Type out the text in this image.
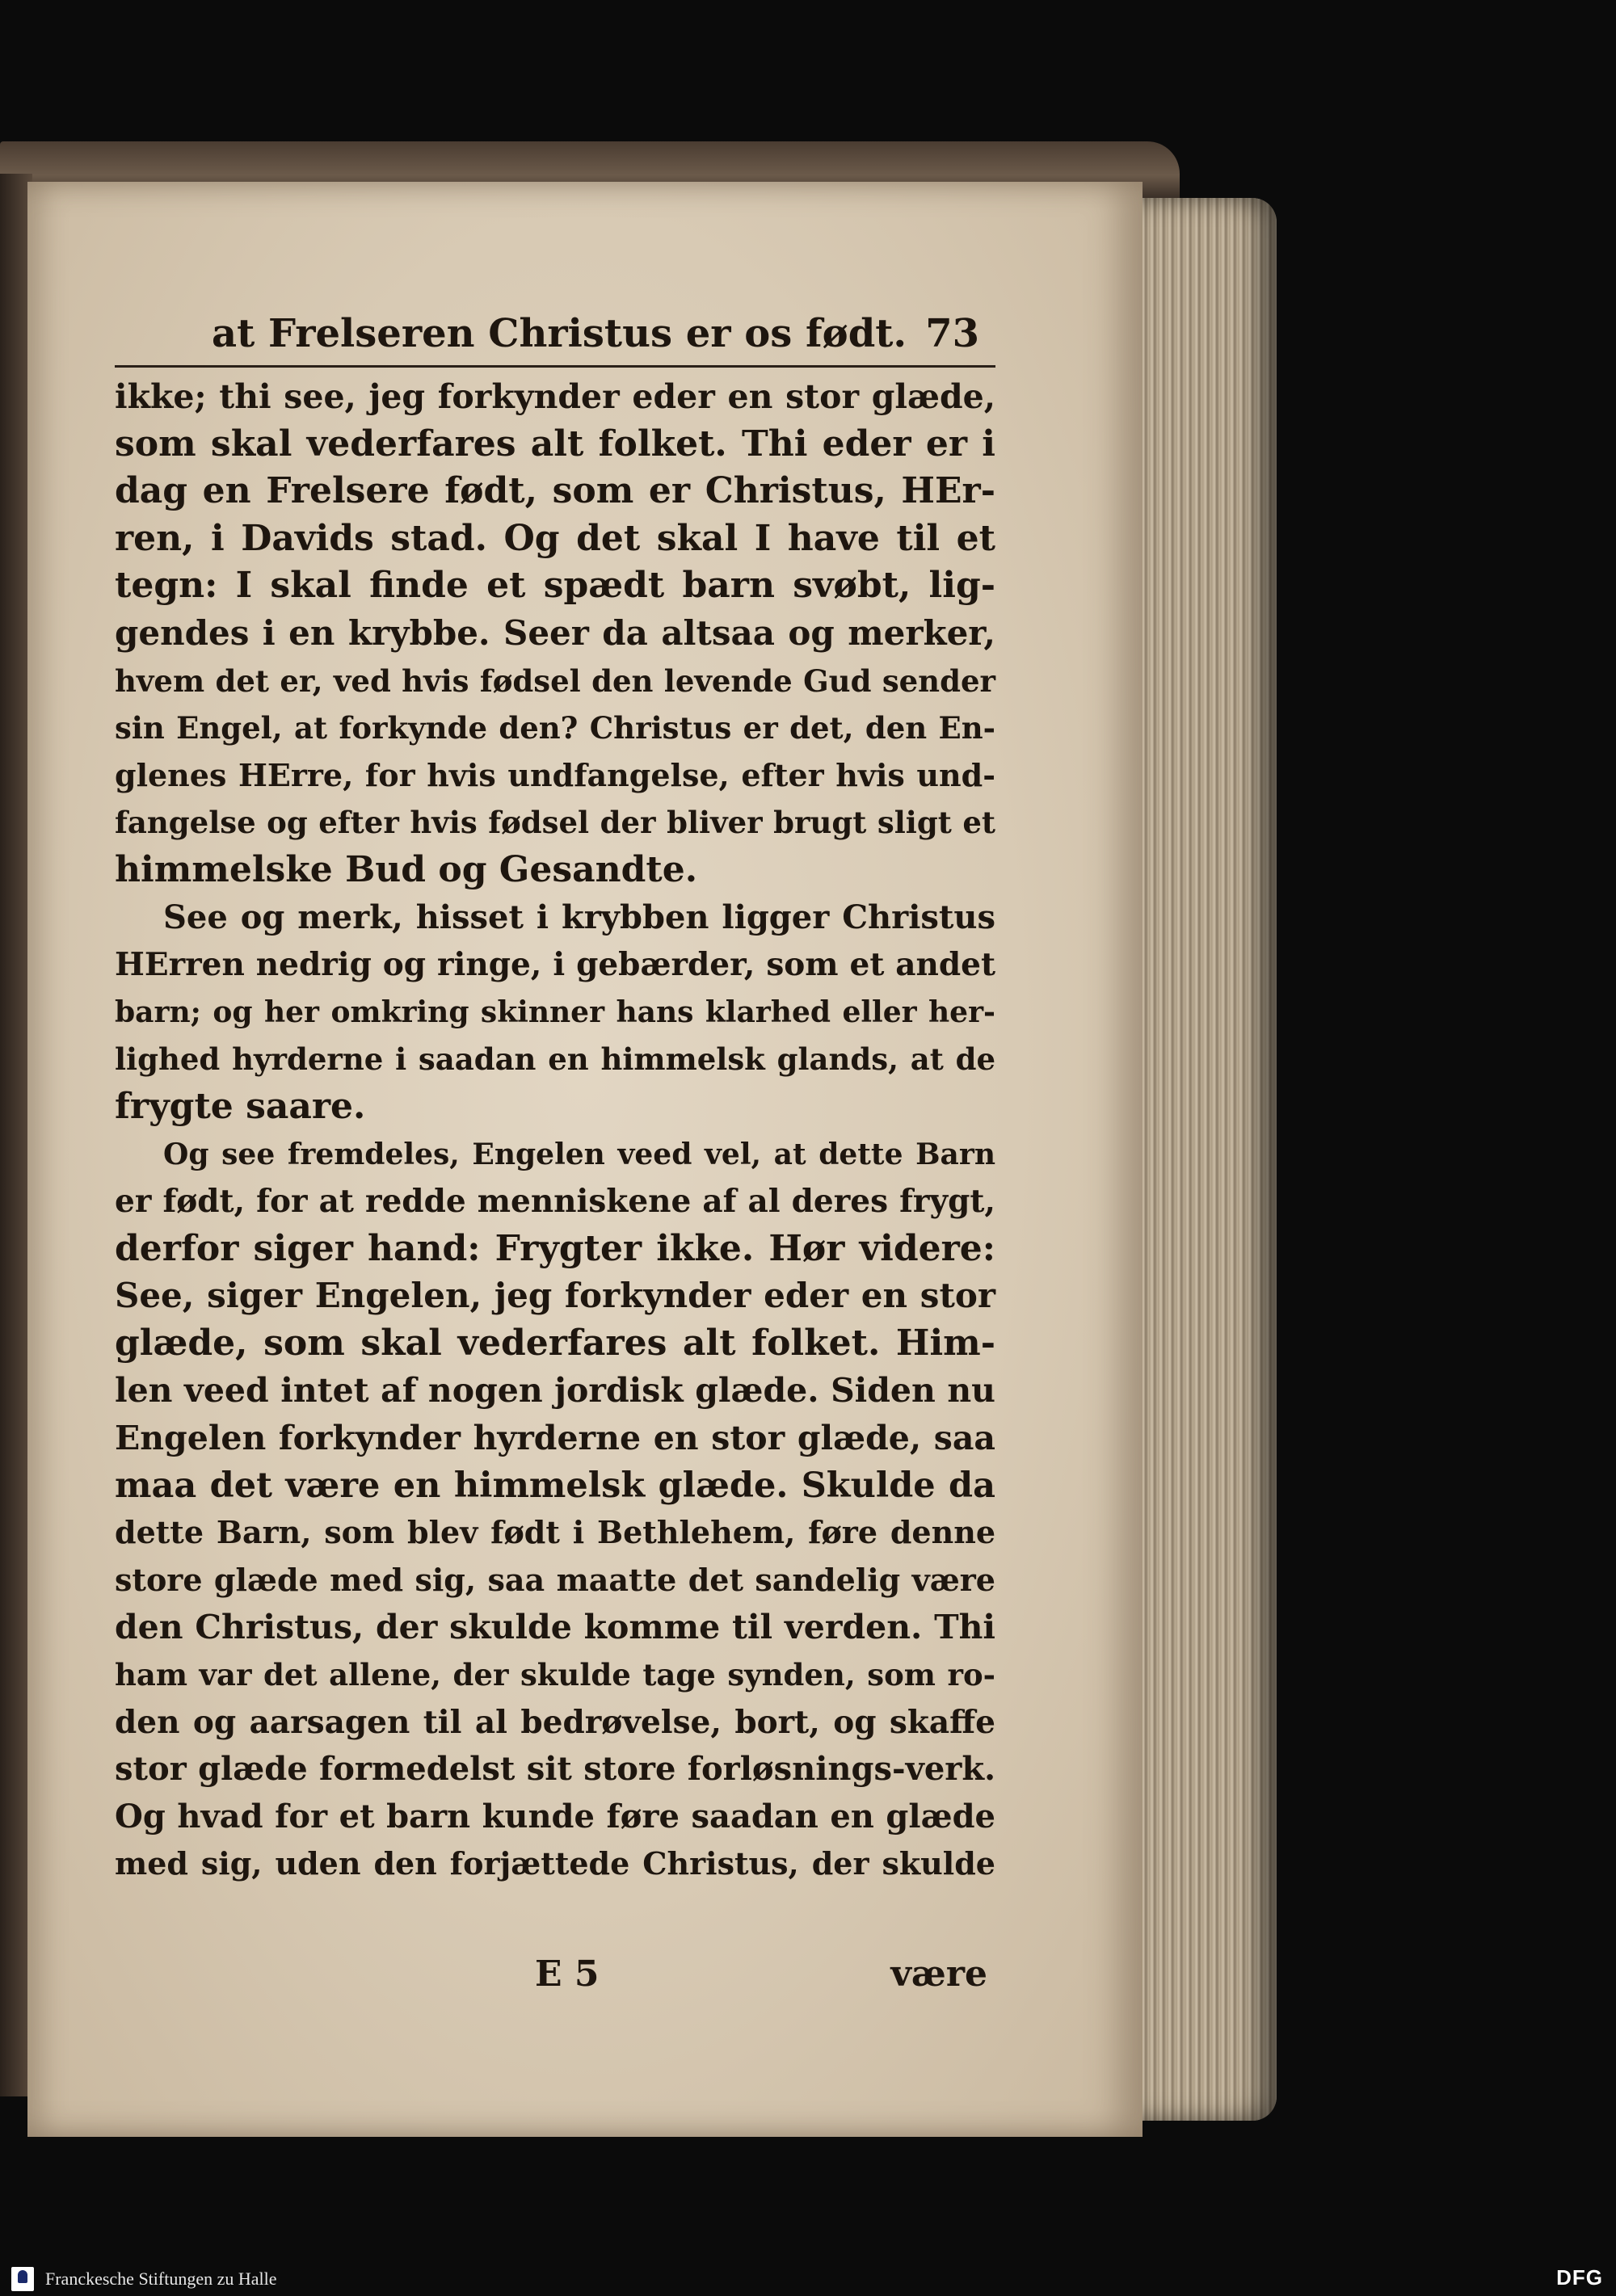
at Frelseren Christus er os født. 73
ikke; thi see, jeg forkynder eder en stor glæde,
som skal vederfares alt folket. Thi eder er i
dag en Frelsere født, som er Christus, HEr-
ren, i Davids stad. Og det skal I have til et
tegn: I skal finde et spædt barn svøbt, lig-
gendes i en krybbe. Seer da altsaa og merker,
hvem det er, ved hvis fødsel den levende Gud sender
sin Engel, at forkynde den? Christus er det, den En-
glenes HErre, for hvis undfangelse, efter hvis und-
fangelse og efter hvis fødsel der bliver brugt sligt et
himmelske Bud og Gesandte.
See og merk, hisset i krybben ligger Christus
HErren nedrig og ringe, i gebærder, som et andet
barn; og her omkring skinner hans klarhed eller her-
lighed hyrderne i saadan en himmelsk glands, at de
frygte saare.
Og see fremdeles, Engelen veed vel, at dette Barn
er født, for at redde menniskene af al deres frygt,
derfor siger hand: Frygter ikke. Hør videre:
See, siger Engelen, jeg forkynder eder en stor
glæde, som skal vederfares alt folket. Him-
len veed intet af nogen jordisk glæde. Siden nu
Engelen forkynder hyrderne en stor glæde, saa
maa det være en himmelsk glæde. Skulde da
dette Barn, som blev født i Bethlehem, føre denne
store glæde med sig, saa maatte det sandelig være
den Christus, der skulde komme til verden. Thi
ham var det allene, der skulde tage synden, som ro-
den og aarsagen til al bedrøvelse, bort, og skaffe
stor glæde formedelst sit store forløsnings-verk.
Og hvad for et barn kunde føre saadan en glæde
med sig, uden den forjættede Christus, der skulde
E 5	være
Franckesche Stiftungen zu Halle	DFG
